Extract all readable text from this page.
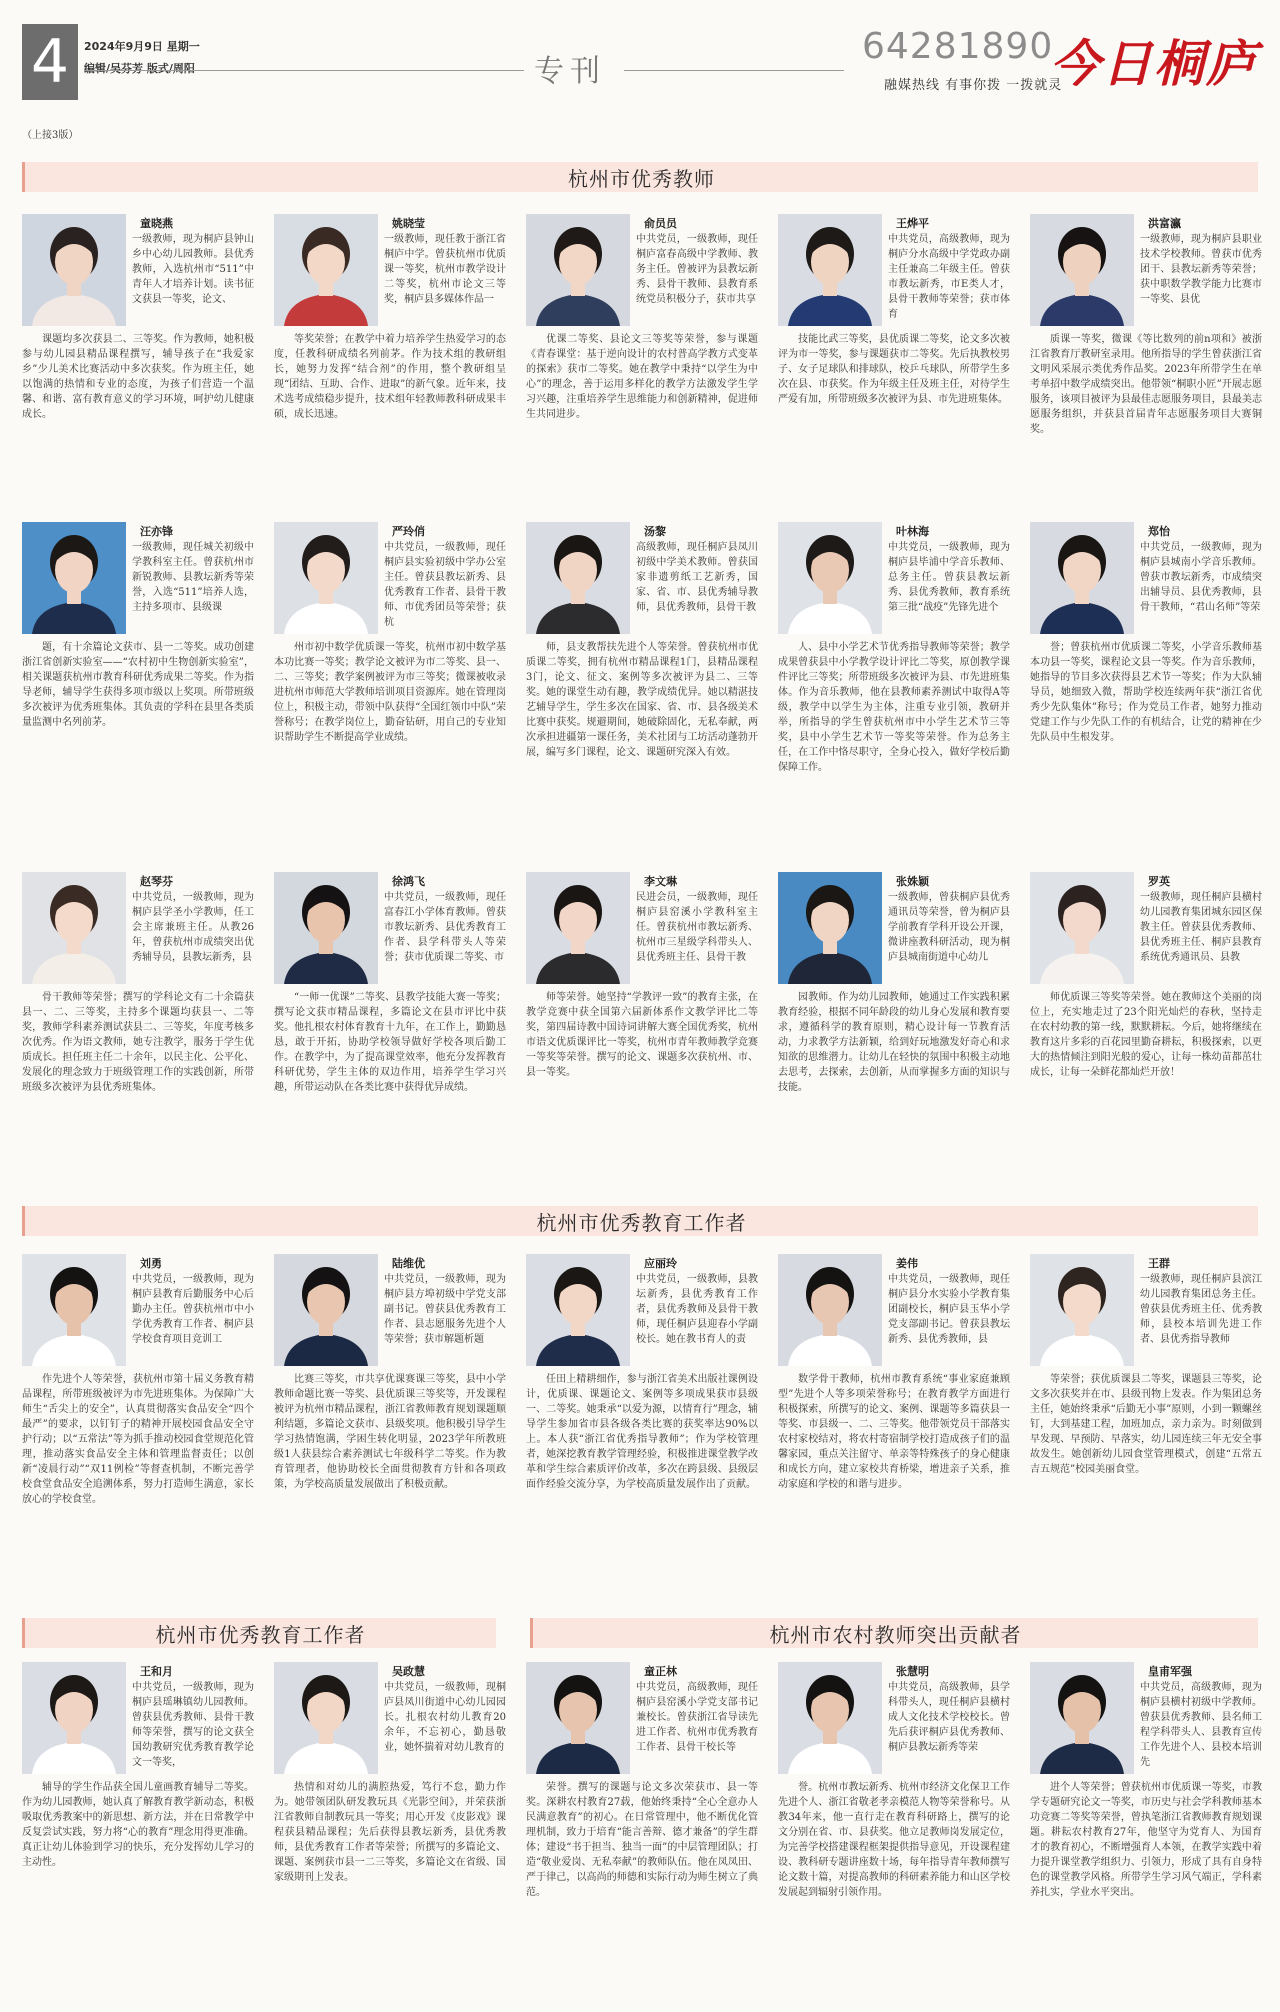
4	2024年9月9日 星期一
编辑/吴芬芳 版式/周阳	专刊
64281890
融媒热线 有事你拨 一拨就灵
今日桐庐
（上接3版）
杭州市优秀教师
杭州市优秀教育工作者
杭州市优秀教育工作者	杭州市农村教师突出贡献者
童晓燕
一级教师，现为桐庐县钟山乡中心幼儿园教师。县优秀教师，入选杭州市“511”中青年人才培养计划。读书征文获县一等奖，论文、
课题均多次获县二、三等奖。作为教师，她积极参与幼儿园县精品课程撰写，辅导孩子在“我爱家乡”少儿美术比赛活动中多次获奖。作为班主任，她以饱满的热情和专业的态度，为孩子们营造一个温馨、和谐、富有教育意义的学习环境，呵护幼儿健康成长。
姚晓莹
一级教师，现任教于浙江省桐庐中学。曾获杭州市优质课一等奖，杭州市教学设计二等奖，杭州市论文三等奖，桐庐县多媒体作品一
等奖荣誉；在教学中着力培养学生热爱学习的态度，任教科研成绩名列前茅。作为技术组的教研组长，她努力发挥“结合剂”的作用，整个教研组呈现“团结、互助、合作、进取”的新气象。近年来，技术选考成绩稳步提升，技术组年轻教师教科研成果丰硕，成长迅速。
俞员员
中共党员，一级教师，现任桐庐富春高级中学教师、教务主任。曾被评为县教坛新秀、县骨干教师、县教育系统党员积极分子，获市共享
优课二等奖、县论文三等奖等荣誉，参与课题《青春课堂：基于逆向设计的农村普高学教方式变革的探索》获市二等奖。她在教学中秉持“以学生为中心”的理念，善于运用多样化的教学方法激发学生学习兴趣，注重培养学生思维能力和创新精神，促进师生共同进步。
王烨平
中共党员，高级教师，现为桐庐分水高级中学党政办副主任兼高二年级主任。曾获市教坛新秀，市E类人才，县骨干教师等荣誉；获市体育
技能比武三等奖，县优质课二等奖，论文多次被评为市一等奖，参与课题获市二等奖。先后执教校男子、女子足球队和排球队，校乒乓球队，所带学生多次在县、市获奖。作为年级主任及班主任，对待学生严爱有加，所带班级多次被评为县、市先进班集体。
洪富瀛
一级教师，现为桐庐县职业技术学校教师。曾获市优秀团干、县教坛新秀等荣誉；获中职数学教学能力比赛市一等奖、县优
质课一等奖，微课《等比数列的前n项和》被浙江省教育厅教研室录用。他所指导的学生曾获浙江省文明风采展示类优秀作品奖。2023年所带学生在单考单招中数学成绩突出。他带领“桐职小匠”开展志愿服务，该项目被评为县最佳志愿服务项目，县最美志愿服务组织，并获县首届青年志愿服务项目大赛铜奖。
汪亦锋
一级教师，现任城关初级中学教科室主任。曾获杭州市新锐教师、县教坛新秀等荣誉，入选“511”培养人选，主持多项市、县级课
题，有十余篇论文获市、县一二等奖。成功创建浙江省创新实验室——“农村初中生物创新实验室”，相关课题获杭州市教育科研优秀成果二等奖。作为指导老师，辅导学生获得多项市级以上奖项。所带班级多次被评为优秀班集体。其负责的学科在县里各类质量监测中名列前茅。
严玲俏
中共党员，一级教师，现任桐庐县实验初级中学办公室主任。曾获县教坛新秀、县优秀教育工作者、县骨干教师、市优秀团员等荣誉；获杭
州市初中数学优质课一等奖，杭州市初中数学基本功比赛一等奖；教学论文被评为市二等奖、县一、二、三等奖；教学案例被评为市三等奖；微课被收录进杭州市师范大学教师培训项目资源库。她在管理岗位上，积极主动，带领中队获得“全国红领巾中队”荣誉称号；在教学岗位上，勤奋钻研，用自己的专业知识帮助学生不断提高学业成绩。
汤黎
高级教师，现任桐庐县凤川初级中学美术教师。曾获国家非遗剪纸工艺新秀，国家、省、市、县优秀辅导教师，县优秀教师，县骨干教
师，县支教帮扶先进个人等荣誉。曾获杭州市优质课二等奖，拥有杭州市精品课程1门，县精品课程3门，论文、征文、案例等多次被评为县二、三等奖。她的课堂生动有趣，教学成绩优异。她以精湛技艺辅导学生，学生多次在国家、省、市、县各级美术比赛中获奖。规避期间，她破除固化，无私奉献，两次承担进疆第一课任务，美术社团与工坊活动蓬勃开展，编写多门课程，论文、课题研究深入有效。
叶林海
中共党员，一级教师，现为桐庐县毕浦中学音乐教师、总务主任。曾获县教坛新秀、县优秀教师，教育系统第三批“战疫”先锋先进个
人、县中小学艺术节优秀指导教师等荣誉；教学成果曾获县中小学教学设计评比二等奖，原创教学课件评比三等奖；所带班级多次被评为县、市先进班集体。作为音乐教师，他在县教师素养测试中取得A等级，教学中以学生为主体，注重专业引领，教研并举，所指导的学生曾获杭州市中小学生艺术节三等奖，县中小学生艺术节一等奖等荣誉。作为总务主任，在工作中恪尽职守，全身心投入，做好学校后勤保障工作。
郑怡
中共党员，一级教师，现为桐庐县城南小学音乐教师。曾获市教坛新秀，市成绩突出辅导员、县优秀教师，县骨干教师，“君山名师”等荣
誉；曾获杭州市优质课二等奖，小学音乐教师基本功县一等奖，课程论文县一等奖。作为音乐教师，她指导的节目多次获得县艺术节一等奖；作为大队辅导员，她细致入微，帮助学校连续两年获“浙江省优秀少先队集体”称号；作为党员工作者，她努力推动党建工作与少先队工作的有机结合，让党的精神在少先队员中生根发芽。
赵琴芬
中共党员，一级教师，现为桐庐县学圣小学教师，任工会主席兼班主任。从教26年，曾获杭州市成绩突出优秀辅导员，县教坛新秀，县
骨干教师等荣誉；撰写的学科论文有二十余篇获县一、二、三等奖，主持多个课题均获县一、二等奖，教师学科素养测试获县二、三等奖，年度考核多次优秀。作为语文教师，她专注教学，服务于学生优质成长。担任班主任二十余年，以民主化、公平化、发展化的理念致力于班级管理工作的实践创新，所带班级多次被评为县优秀班集体。
徐鸿飞
中共党员，一级教师，现任富春江小学体育教师。曾获市教坛新秀、县优秀教育工作者、县学科带头人等荣誉；获市优质课二等奖、市
“一师一优课”二等奖、县教学技能大赛一等奖；撰写论文获市精品课程，多篇论文在县市评比中获奖。他扎根农村体育教育十九年，在工作上，勤勤恳恳，敢于开拓，协助学校领导做好学校各项后勤工作。在教学中，为了提高课堂效率，他充分发挥教育科研优势，学生主体的双边作用，培养学生学习兴趣，所带运动队在各类比赛中获得优异成绩。
李文琳
民进会员，一级教师，现任桐庐县窑溪小学教科室主任。曾获杭州市教坛新秀、杭州市三星级学科带头人、县优秀班主任、县骨干教
师等荣誉。她坚持“学教评一致”的教育主张，在教学竞赛中获全国第六届新体系作文教学评比二等奖，第四届诗教中国诗词讲解大赛全国优秀奖，杭州市语文优质课评比一等奖，杭州市青年教师教学竞赛一等奖等荣誉。撰写的论文、课题多次获杭州、市、县一等奖。
张姝颖
一级教师，曾获桐庐县优秀通讯员等荣誉，曾为桐庐县学前教育学科开设公开课，微讲座教科研活动，现为桐庐县城南街道中心幼儿
园教师。作为幼儿园教师，她通过工作实践积累教育经验，根据不同年龄段的幼儿身心发展和教育要求，遵循科学的教育原则，精心设计每一节教育活动，力求教学方法新颖，给到好玩地激发好奇心和求知欲的思维潜力。让幼儿在轻快的氛围中积极主动地去思考，去探索，去创新，从而掌握多方面的知识与技能。
罗英
一级教师，现任桐庐县横村幼儿园教育集团城东园区保教主任。曾获县优秀教师、县优秀班主任、桐庐县教育系统优秀通讯员、县教
师优质课三等奖等荣誉。她在教师这个美丽的岗位上，充实地走过了23个阳光灿烂的春秋，坚持走在农村幼教的第一线，默默耕耘。今后，她将继续在教育这片多彩的百花园里勤奋耕耘，积极探索，以更大的热情倾注到阳光般的爱心，让每一株幼苗都茁壮成长，让每一朵鲜花都灿烂开放！
刘勇
中共党员，一级教师，现为桐庐县教育后勤服务中心后勤办主任。曾获杭州市中小学优秀教育工作者、桐庐县学校食育项目竞训工
作先进个人等荣誉，获杭州市第十届义务教育精品课程，所带班级被评为市先进班集体。为保障广大师生“舌尖上的安全”，认真贯彻落实食品安全“四个最严”的要求，以钉钉子的精神开展校园食品安全守护行动；以“五常法”等为抓手推动校园食堂规范化管理，推动落实食品安全主体和管理监督责任；以创新“凌晨行动”“双11例检”等督查机制，不断完善学校食堂食品安全追溯体系，努力打造师生满意，家长放心的学校食堂。
陆维优
中共党员，一级教师，现为桐庐县方埠初级中学党支部副书记。曾获县优秀教育工作者、县志愿服务先进个人等荣誉；获市解题析题
比赛三等奖，市共享优课赛课三等奖，县中小学教师命题比赛一等奖、县优质课三等奖等，开发课程被评为杭州市精品课程，浙江省教师教育规划课题顺利结题，多篇论文获市、县级奖项。他积极引导学生学习热情饱满，学困生转化明显，2023学年所教班级1人获县综合素养测试七年级科学二等奖。作为教育管理者，他协助校长全面贯彻教育方针和各项政策，为学校高质量发展做出了积极贡献。
应丽玲
中共党员，一级教师，县教坛新秀，县优秀教育工作者，县优秀教师及县骨干教师，现任桐庐县迎春小学副校长。她在教书育人的责
任田上精耕细作，参与浙江省美术出版社课例设计，优质课、课题论文、案例等多项成果获市县级一、二等奖。她秉承“以爱为源，以情育行”理念，辅导学生参加省市县各级各类比赛的获奖率达90%以上。本人获“浙江省优秀指导教师”；作为学校管理者，她深挖教育教学管理经验，积极推进课堂教学改革和学生综合素质评价改革，多次在跨县级、县级层面作经验交流分享，为学校高质量发展作出了贡献。
姜伟
中共党员，一级教师，现任桐庐县分水实验小学教育集团副校长，桐庐县玉华小学党支部副书记。曾获县教坛新秀、县优秀教师，县
数学骨干教师，杭州市教育系统“事业家庭兼顾型”先进个人等多项荣誉称号；在教育教学方面进行积极探索，所撰写的论文、案例、课题等多篇获县一等奖、市县级一、二、三等奖。他带领党员干部落实农村家校结对，将农村寄宿制学校打造成孩子们的温馨家园，重点关注留守、单亲等特殊孩子的身心健康和成长方向，建立家校共育桥梁，增进亲子关系，推动家庭和学校的和谐与进步。
王群
一级教师，现任桐庐县滨江幼儿园教育集团总务主任。曾获县优秀班主任、优秀教师，县校本培训先进工作者、县优秀指导教师
等荣誉；获优质课县二等奖，课题县三等奖，论文多次获奖并在市、县级刊物上发表。作为集团总务主任，她始终秉承“后勤无小事”原则，小到一颗螺丝钉，大到基建工程，加班加点，亲力亲为。时刻做到早发现、早预防、早落实，幼儿园连续三年无安全事故发生。她创新幼儿园食堂管理模式，创建“五常五吉五规范”校园美丽食堂。
王和月
中共党员，一级教师，现为桐庐县瑶琳镇幼儿园教师。曾获县优秀教师、县骨干教师等荣誉，撰写的论文获全国幼教研究优秀教育教学论文一等奖，
辅导的学生作品获全国儿童画教育辅导二等奖。作为幼儿园教师，她认真了解教育教学新动态，积极吸取优秀教案中的新思想、新方法，并在日常教学中反复尝试实践，努力将“心的教育”理念用得更准确。真正让幼儿体验到学习的快乐，充分发挥幼儿学习的主动性。
吴政慧
中共党员，一级教师，现桐庐县凤川街道中心幼儿园园长。扎根农村幼儿教育20余年，不忘初心，勤恳敬业，她怀揣着对幼儿教育的
热情和对幼儿的满腔热爱，笃行不怠，勤力作为。她带领团队研发教玩具《光影空间》，并荣获浙江省教师自制教玩具一等奖；用心开发《皮影戏》课程获县精品课程；先后获得县教坛新秀，县优秀教师，县优秀教育工作者等荣誉；所撰写的多篇论文、课题、案例获市县一二三等奖，多篇论文在省级、国家级期刊上发表。
童正林
中共党员，高级教师，现任桐庐县窑溪小学党支部书记兼校长。曾获浙江省导读先进工作者、杭州市优秀教育工作者、县骨干校长等
荣誉。撰写的课题与论文多次荣获市、县一等奖。深耕农村教育27载，他始终秉持“全心全意办人民满意教育”的初心。在日常管理中，他不断优化管理机制，致力于培育“能言善辩、德才兼备”的学生群体；建设“书于担当、独当一面”的中层管理团队；打造“敬业爱岗、无私奉献”的教师队伍。他在凤凤田、严于律己，以高尚的师德和实际行动为师生树立了典范。
张慧明
中共党员，高级教师，县学科带头人，现任桐庐县横村成人文化技术学校校长。曾先后获评桐庐县优秀教师、桐庐县教坛新秀等荣
誉。杭州市教坛新秀、杭州市经济文化保卫工作先进个人、浙江省敬老孝亲模范人物等荣誉称号。从教34年来，他一直行走在教育科研路上，撰写的论文分别在省、市、县获奖。他立足教师岗发展定位，为完善学校搭建课程框架提供指导意见，开设课程建设、教科研专题讲座数十场，每年指导青年教师撰写论文数十篇，对提高教师的科研素养能力和山区学校发展起到辐射引领作用。
皇甫军强
中共党员，高级教师，现为桐庐县横村初级中学教师。曾获县优秀教师、县名师工程学科带头人、县教育宣传工作先进个人、县校本培训先
进个人等荣誉；曾获杭州市优质课一等奖，市教学专题研究论文一等奖，市历史与社会学科教师基本功竞赛二等奖等荣誉，曾执笔浙江省教师教育规划课题。耕耘农村教育27年，他坚守为党育人、为国育才的教育初心，不断增强育人本领，在教学实践中着力提升课堂教学组织力、引领力，形成了具有自身特色的课堂教学风格。所带学生学习风气端正，学科素养扎实，学业水平突出。
